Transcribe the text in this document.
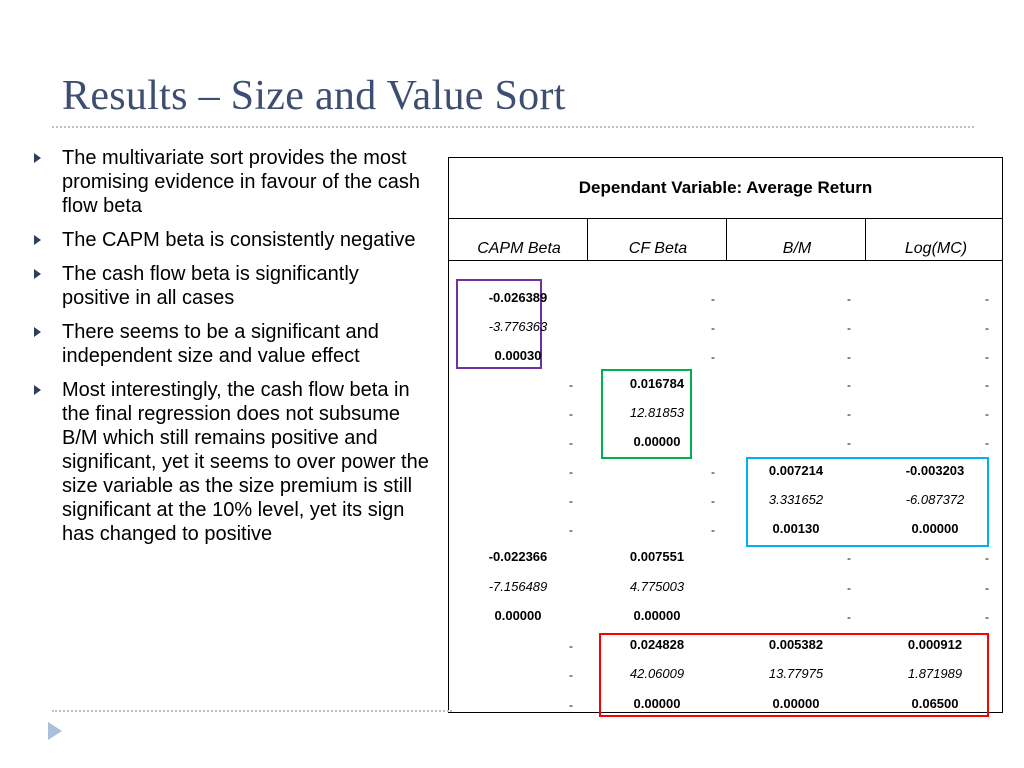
Results – Size and Value Sort
The multivariate sort provides the most promising evidence in favour of the cash flow beta
The CAPM beta is consistently negative
The cash flow beta is significantly positive in all cases
There seems to be a significant and independent size and value effect
Most interestingly, the cash flow beta in the final regression does not subsume B/M which still remains positive and significant, yet it seems to over power the size variable as the size premium is still significant at the 10% level, yet its sign has changed to positive
Dependant Variable: Average Return
CAPM Beta	CF Beta	B/M	Log(MC)
-0.026389	-	-	-
-3.776363	-	-	-
0.00030	-	-	-
-	0.016784	-	-
-	12.81853	-	-
-	0.00000	-	-
-	-	0.007214	-0.003203
-	-	3.331652	-6.087372
-	-	0.00130	0.00000
-0.022366	0.007551	-	-
-7.156489	4.775003	-	-
0.00000	0.00000	-	-
-	0.024828	0.005382	0.000912
-	42.06009	13.77975	1.871989
-	0.00000	0.00000	0.06500
